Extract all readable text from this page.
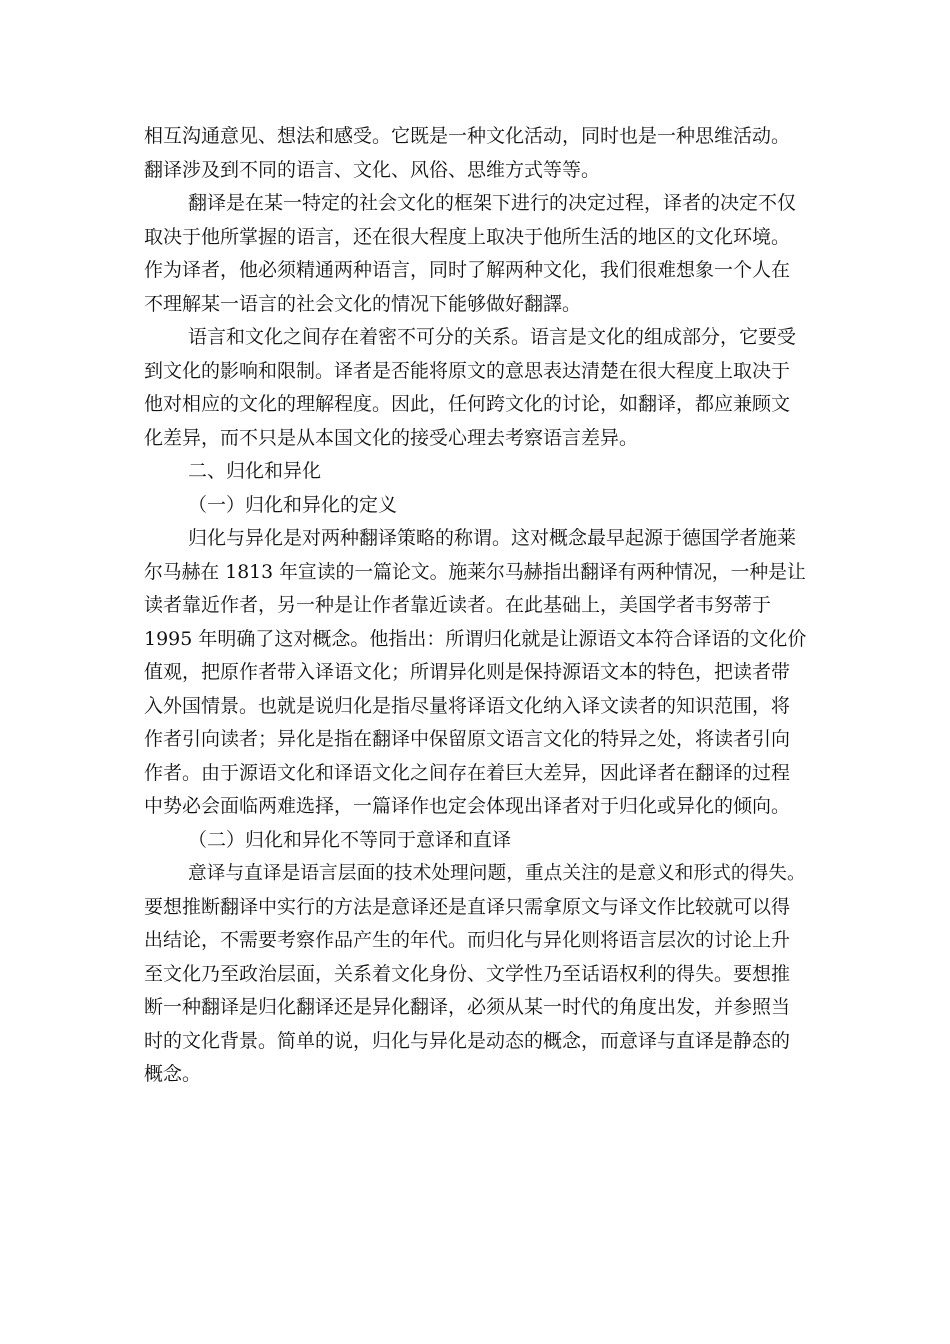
相互沟通意见、想法和感受。它既是一种文化活动，同时也是一种思维活动。
翻译涉及到不同的语言、文化、风俗、思维方式等等。
翻译是在某一特定的社会文化的框架下进行的决定过程，译者的决定不仅
取决于他所掌握的语言，还在很大程度上取决于他所生活的地区的文化环境。
作为译者，他必须精通两种语言，同时了解两种文化，我们很难想象一个人在
不理解某一语言的社会文化的情况下能够做好翻譯。
语言和文化之间存在着密不可分的关系。语言是文化的组成部分，它要受
到文化的影响和限制。译者是否能将原文的意思表达清楚在很大程度上取决于
他对相应的文化的理解程度。因此，任何跨文化的讨论，如翻译，都应兼顾文
化差异，而不只是从本国文化的接受心理去考察语言差异。
二、归化和异化
（一）归化和异化的定义
归化与异化是对两种翻译策略的称谓。这对概念最早起源于德国学者施莱
尔马赫在 1813 年宣读的一篇论文。施莱尔马赫指出翻译有两种情况，一种是让
读者靠近作者，另一种是让作者靠近读者。在此基础上，美国学者韦努蒂于
1995 年明确了这对概念。他指出：所谓归化就是让源语文本符合译语的文化价
值观，把原作者带入译语文化；所谓异化则是保持源语文本的特色，把读者带
入外国情景。也就是说归化是指尽量将译语文化纳入译文读者的知识范围，将
作者引向读者；异化是指在翻译中保留原文语言文化的特异之处，将读者引向
作者。由于源语文化和译语文化之间存在着巨大差异，因此译者在翻译的过程
中势必会面临两难选择，一篇译作也定会体现出译者对于归化或异化的倾向。
（二）归化和异化不等同于意译和直译
意译与直译是语言层面的技术处理问题，重点关注的是意义和形式的得失。
要想推断翻译中实行的方法是意译还是直译只需拿原文与译文作比较就可以得
出结论，不需要考察作品产生的年代。而归化与异化则将语言层次的讨论上升
至文化乃至政治层面，关系着文化身份、文学性乃至话语权利的得失。要想推
断一种翻译是归化翻译还是异化翻译，必须从某一时代的角度出发，并参照当
时的文化背景。简单的说，归化与异化是动态的概念，而意译与直译是静态的
概念。
